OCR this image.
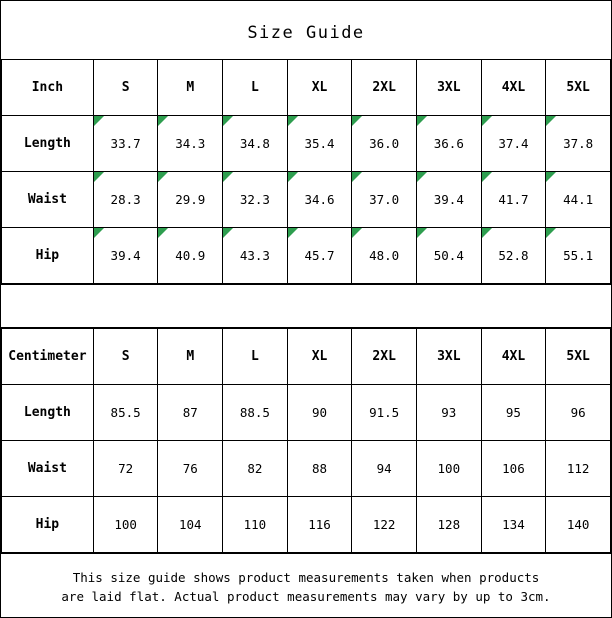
Size Guide
Inch	S	M	L	XL	2XL	3XL	4XL	5XL
Length	33.7	34.3	34.8	35.4	36.0	36.6	37.4	37.8
Waist	28.3	29.9	32.3	34.6	37.0	39.4	41.7	44.1
Hip	39.4	40.9	43.3	45.7	48.0	50.4	52.8	55.1
Centimeter	S	M	L	XL	2XL	3XL	4XL	5XL
Length	85.5	87	88.5	90	91.5	93	95	96
Waist	72	76	82	88	94	100	106	112
Hip	100	104	110	116	122	128	134	140
This size guide shows product measurements taken when products
are laid flat. Actual product measurements may vary by up to 3cm.
